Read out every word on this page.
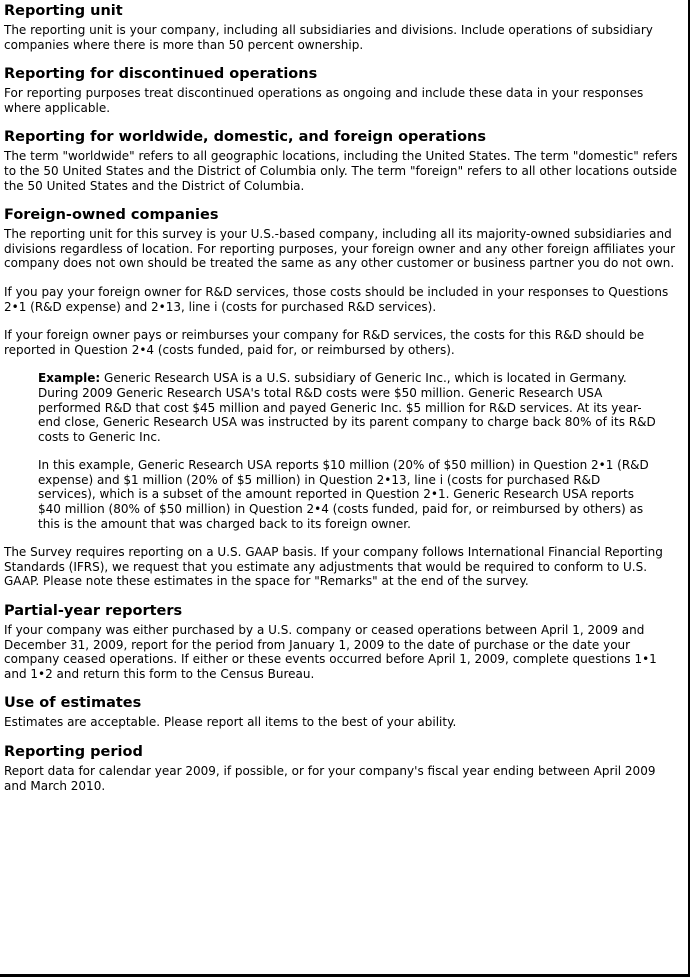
Reporting unit

The reporting unit is your company, including all subsidiaries and divisions. Include operations of subsidiary companies where there is more than 50 percent ownership.

Reporting for discontinued operations

For reporting purposes treat discontinued operations as ongoing and include these data in your responses where applicable.

Reporting for worldwide, domestic, and foreign operations

The term "worldwide" refers to all geographic locations, including the United States. The term "domestic" refers to the 50 United States and the District of Columbia only. The term "foreign" refers to all other locations outside the 50 United States and the District of Columbia.

Foreign-owned companies

The reporting unit for this survey is your U.S.-based company, including all its majority-owned subsidiaries and divisions regardless of location. For reporting purposes, your foreign owner and any other foreign affiliates your company does not own should be treated the same as any other customer or business partner you do not own.

If you pay your foreign owner for R&D services, those costs should be included in your responses to Questions 2•1 (R&D expense) and 2•13, line i (costs for purchased R&D services).

If your foreign owner pays or reimburses your company for R&D services, the costs for this R&D should be reported in Question 2•4 (costs funded, paid for, or reimbursed by others).

Example: Generic Research USA is a U.S. subsidiary of Generic Inc., which is located in Germany. During 2009 Generic Research USA's total R&D costs were $50 million. Generic Research USA performed R&D that cost $45 million and payed Generic Inc. $5 million for R&D services. At its year-end close, Generic Research USA was instructed by its parent company to charge back 80% of its R&D costs to Generic Inc.

In this example, Generic Research USA reports $10 million (20% of $50 million) in Question 2•1 (R&D expense) and $1 million (20% of $5 million) in Question 2•13, line i (costs for purchased R&D services), which is a subset of the amount reported in Question 2•1. Generic Research USA reports $40 million (80% of $50 million) in Question 2•4 (costs funded, paid for, or reimbursed by others) as this is the amount that was charged back to its foreign owner.

The Survey requires reporting on a U.S. GAAP basis. If your company follows International Financial Reporting Standards (IFRS), we request that you estimate any adjustments that would be required to conform to U.S. GAAP. Please note these estimates in the space for "Remarks" at the end of the survey.

Partial-year reporters

If your company was either purchased by a U.S. company or ceased operations between April 1, 2009 and December 31, 2009, report for the period from January 1, 2009 to the date of purchase or the date your company ceased operations. If either or these events occurred before April 1, 2009, complete questions 1•1 and 1•2 and return this form to the Census Bureau.

Use of estimates

Estimates are acceptable. Please report all items to the best of your ability.

Reporting period

Report data for calendar year 2009, if possible, or for your company's fiscal year ending between April 2009 and March 2010.
